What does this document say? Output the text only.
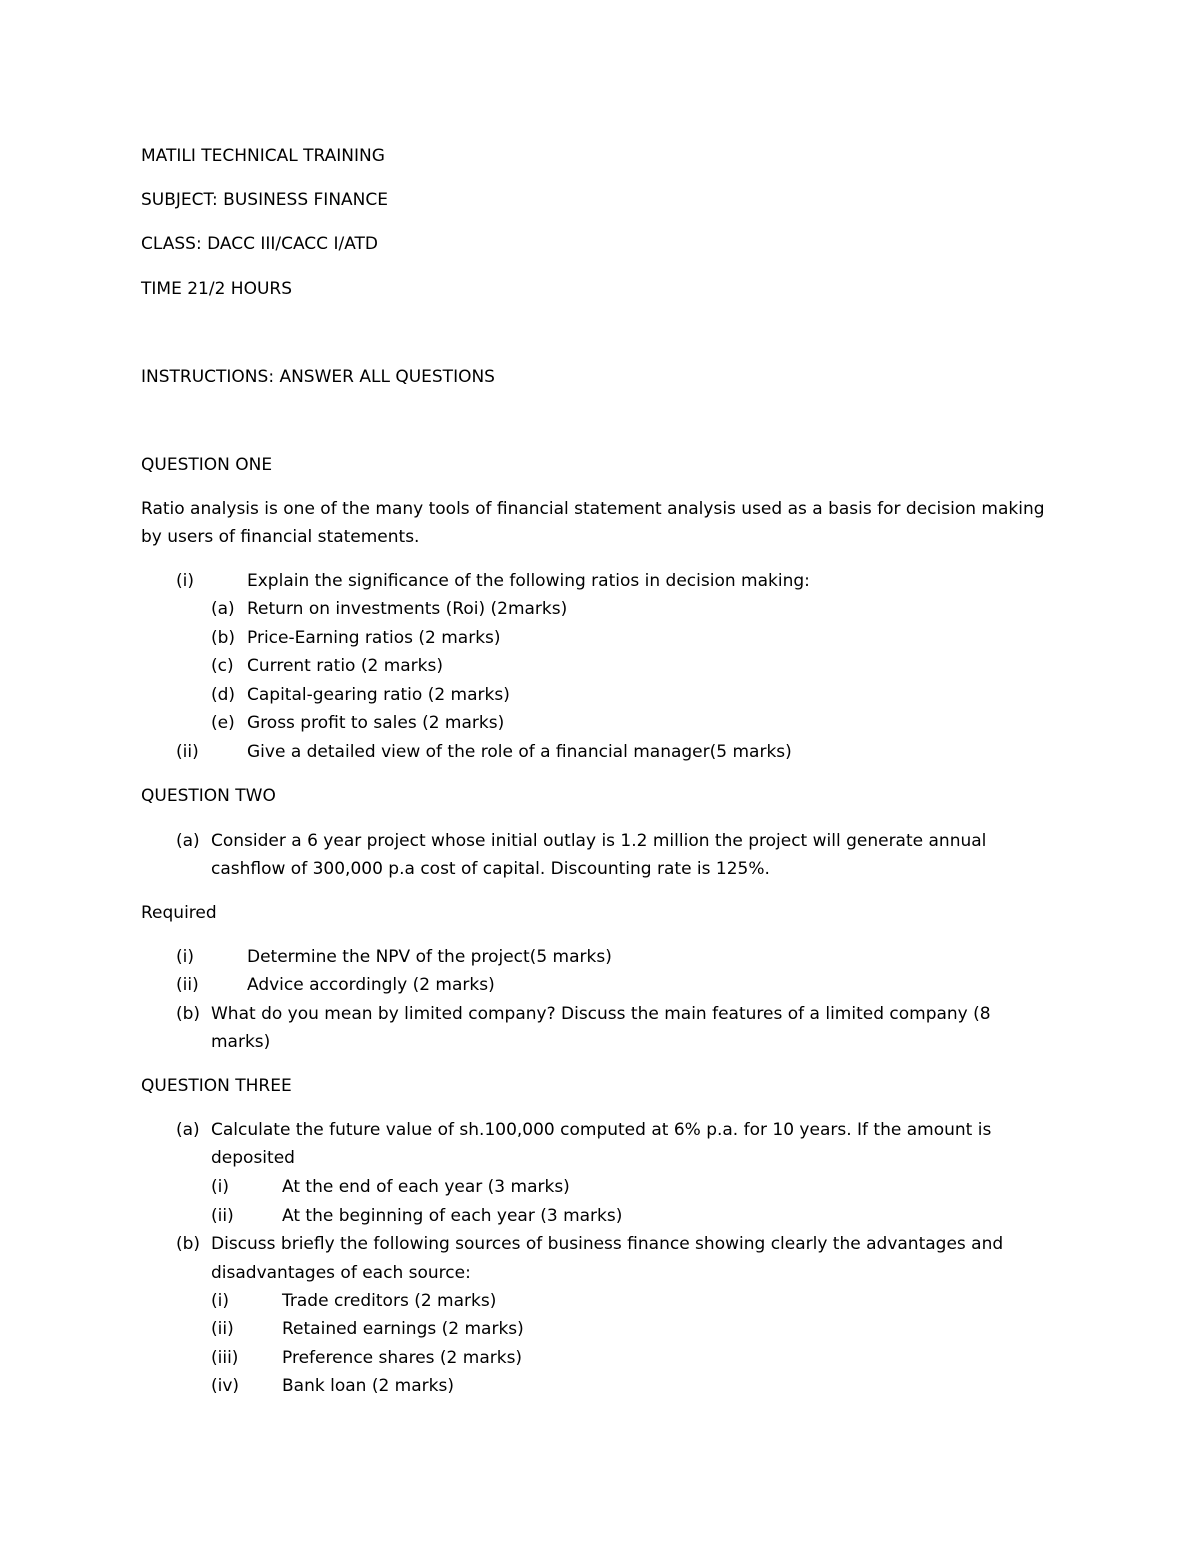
MATILI TECHNICAL TRAINING
SUBJECT: BUSINESS FINANCE
CLASS: DACC III/CACC I/ATD
TIME 21/2 HOURS
INSTRUCTIONS: ANSWER ALL QUESTIONS
QUESTION ONE
Ratio analysis is one of the many tools of financial statement analysis used as a basis for decision making
by users of financial statements.
(i)	Explain the significance of the following ratios in decision making:
(a) Return on investments (Roi) (2marks)
(b) Price-Earning ratios (2 marks)
(c) Current ratio (2 marks)
(d) Capital-gearing ratio (2 marks)
(e) Gross profit to sales (2 marks)
(ii)	Give a detailed view of the role of a financial manager(5 marks)
QUESTION TWO
(a) Consider a 6 year project whose initial outlay is 1.2 million the project will generate annual
cashflow of 300,000 p.a cost of capital. Discounting rate is 125%.
Required
(i)	Determine the NPV of the project(5 marks)
(ii)	Advice accordingly (2 marks)
(b) What do you mean by limited company? Discuss the main features of a limited company (8
marks)
QUESTION THREE
(a) Calculate the future value of sh.100,000 computed at 6% p.a. for 10 years. If the amount is
deposited
(i)	At the end of each year (3 marks)
(ii)	At the beginning of each year (3 marks)
(b) Discuss briefly the following sources of business finance showing clearly the advantages and
disadvantages of each source:
(i)	Trade creditors (2 marks)
(ii)	Retained earnings (2 marks)
(iii)	Preference shares (2 marks)
(iv)	Bank loan (2 marks)
